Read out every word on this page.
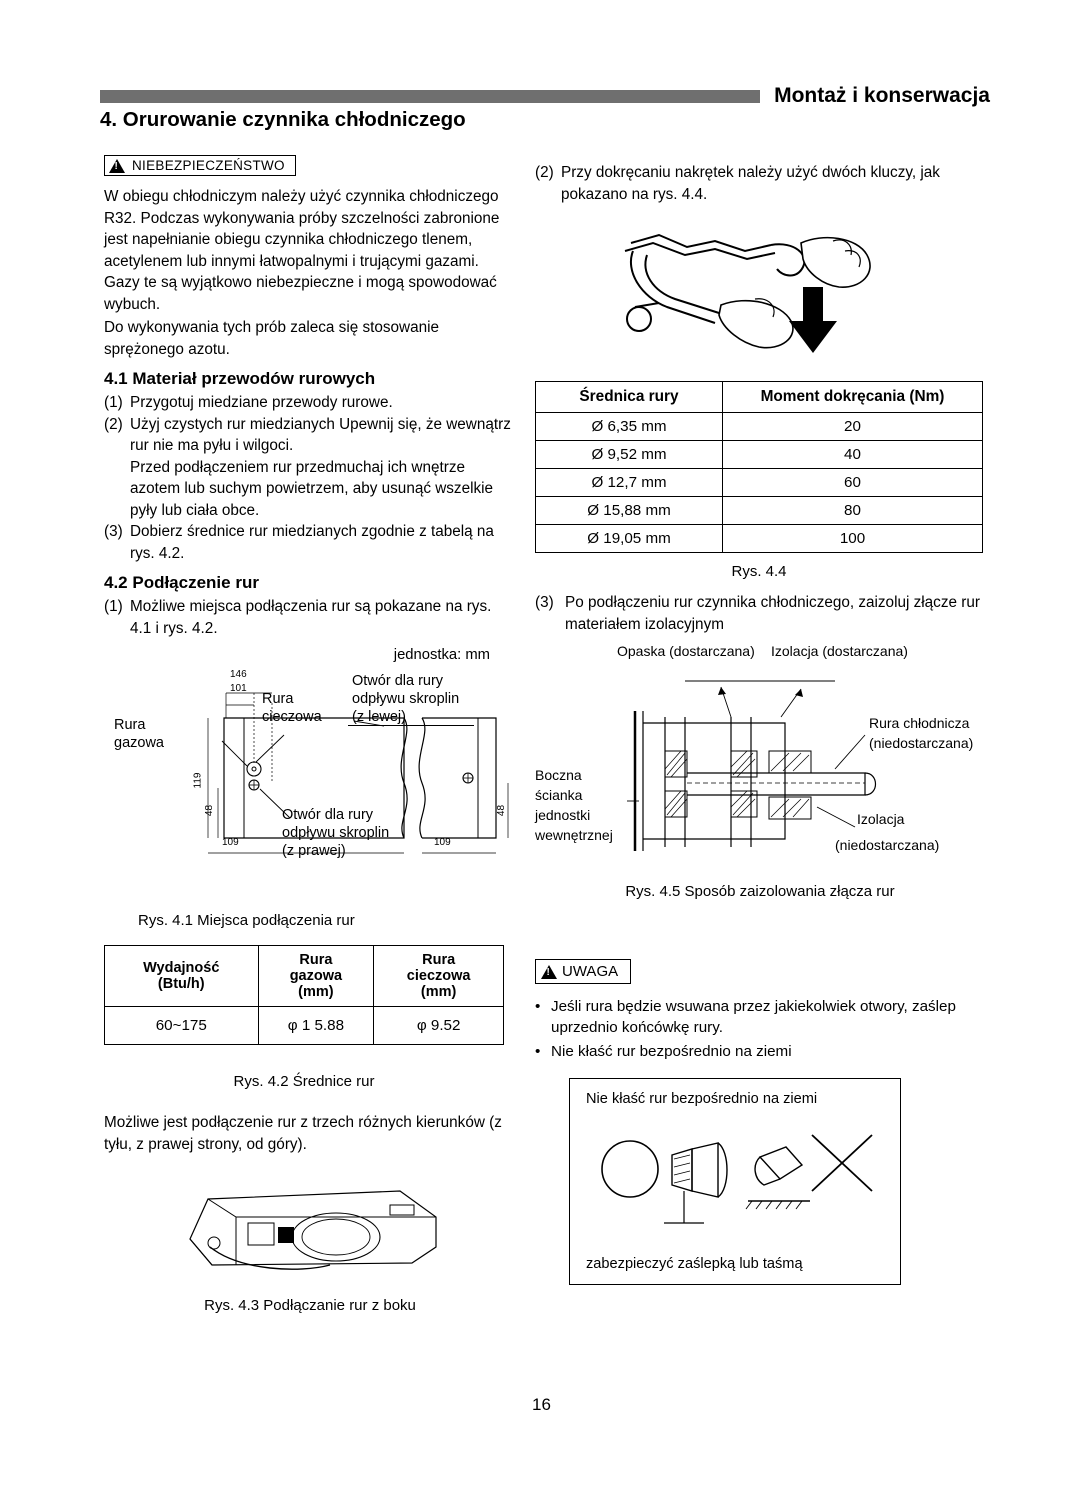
Montaż i konserwacja
4. Orurowanie czynnika chłodniczego
!
NIEBEZPIECZEŃSTWO

W obiegu chłodniczym należy użyć czynnika chłodniczego R32. Podczas wykonywania próby szczelności zabronione jest napełnianie obiegu czynnika chłodniczego tlenem, acetylenem lub innymi łatwopalnymi i trującymi gazami. Gazy te są wyjątkowo niebezpieczne i mogą spowodować wybuch.

Do wykonywania tych prób zaleca się stosowanie sprężonego azotu.

4.1 Materiał przewodów rurowych
(1) Przygotuj miedziane przewody rurowe.
(2) Użyj czystych rur miedzianych Upewnij się, że wewnątrz rur nie ma pyłu i wilgoci.
Przed podłączeniem rur przedmuchaj ich wnętrze azotem lub suchym powietrzem, aby usunąć wszelkie pyły lub ciała obce.
(3) Dobierz średnice rur miedzianych zgodnie z tabelą na rys. 4.2.
4.2 Podłączenie rur
(1) Możliwe miejsca podłączenia rur są pokazane na rys. 4.1 i rys. 4.2.
jednostka: mm
146
101
119
48
109
48
109
Rura
gazowa
Rura
cieczowa
Otwór dla rury
odpływu skroplin
(z lewej)
Otwór dla rury
odpływu skroplin
(z prawej)
Rys. 4.1 Miejsca podłączenia rur
Wydajność
(Btu/h)

Rura
gazowa
(mm)

Rura
cieczowa
(mm)

60~175	φ 1 5.88	φ 9.52
Rys. 4.2 Średnice rur

Możliwe jest podłączenie rur z trzech różnych kierunków (z tyłu, z prawej strony, od góry).

Rys. 4.3 Podłączanie rur z boku
(2) Przy dokręcaniu nakrętek należy użyć dwóch kluczy, jak pokazano na rys. 4.4.
Średnica rury	Moment dokręcania (Nm)
Ø 6,35 mm	20
Ø 9,52 mm	40
Ø 12,7 mm	60
Ø 15,88 mm	80
Ø 19,05 mm	100
Rys. 4.4
(3) Po podłączeniu rur czynnika chłodniczego, zaizoluj złącze rur materiałem izolacyjnym
Opaska (dostarczana) Izolacja (dostarczana)
Rura chłodnicza
(niedostarczana)
Boczna
ścianka
jednostki
wewnętrznej
Izolacja
(niedostarczana)
Rys. 4.5 Sposób zaizolowania złącza rur
!
UWAGA
• Jeśli rura będzie wsuwana przez jakiekolwiek otwory, zaślep uprzednio końcówkę rury.
• Nie kłaść rur bezpośrednio na ziemi
Nie kłaść rur bezpośrednio na ziemi
zabezpieczyć zaślepką lub taśmą
16
